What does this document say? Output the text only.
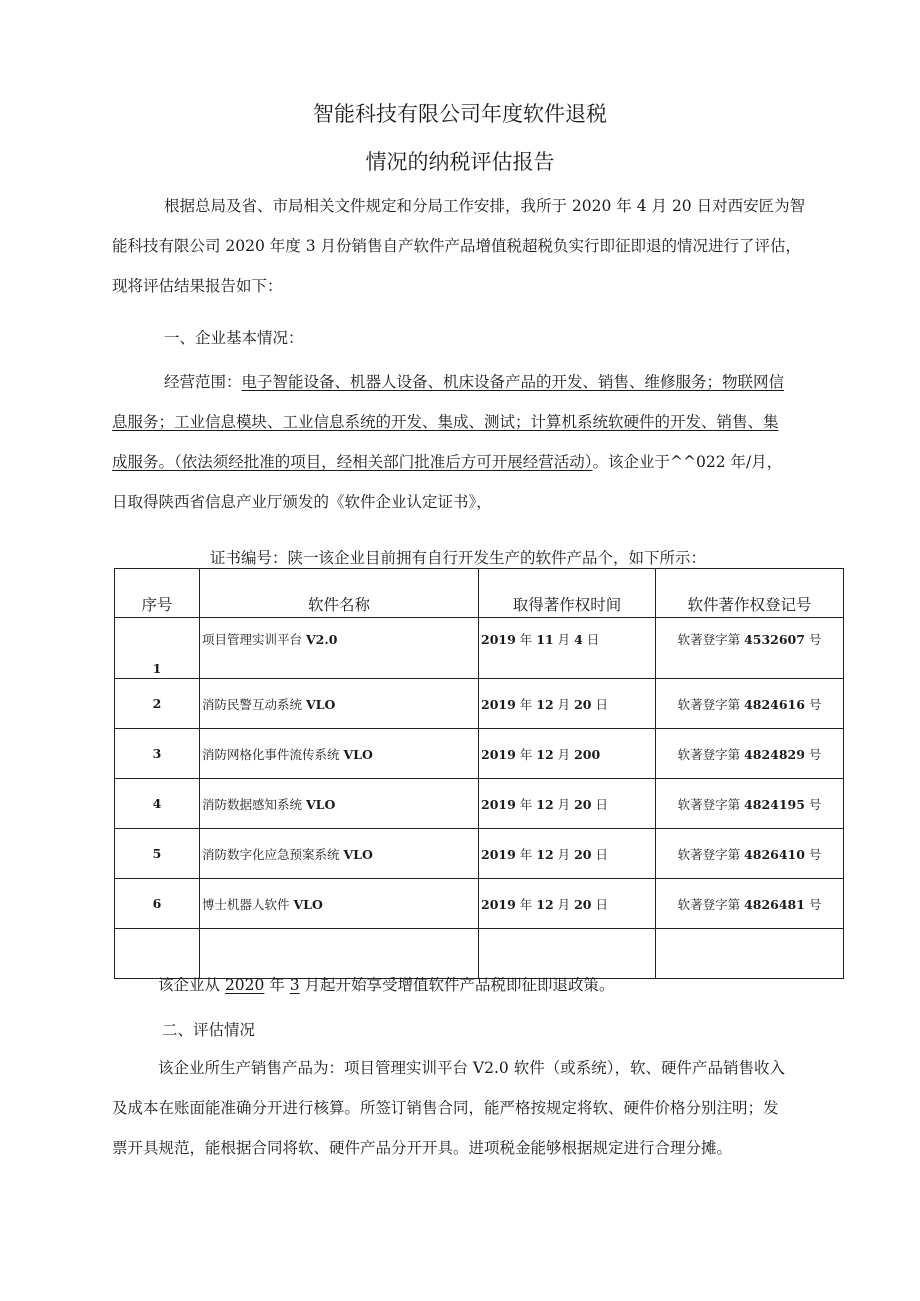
智能科技有限公司年度软件退税
情况的纳税评估报告
根据总局及省、市局相关文件规定和分局工作安排，我所于 2020 年 4 月 20 日对西安匠为智
能科技有限公司 2020 年度 3 月份销售自产软件产品增值税超税负实行即征即退的情况进行了评估，
现将评估结果报告如下：
一、企业基本情况：
经营范围：电子智能设备、机器人设备、机床设备产品的开发、销售、维修服务；物联网信
息服务；工业信息模块、工业信息系统的开发、集成、测试；计算机系统软硬件的开发、销售、集
成服务。（依法须经批准的项目，经相关部门批准后方可开展经营活动）。该企业于^^022 年/月，
日取得陕西省信息产业厅颁发的《软件企业认定证书》，
证书编号：陕一该企业目前拥有自行开发生产的软件产品个，如下所示：
序号	软件名称	取得著作权时间	软件著作权登记号
1	项目管理实训平台 V2.0	2019 年 11 月 4 日	软著登字第 4532607 号
2	消防民警互动系统 VLO	2019 年 12 月 20 日	软著登字第 4824616 号
3	消防网格化事件流传系统 VLO	2019 年 12 月 200	软著登字第 4824829 号
4	消防数据感知系统 VLO	2019 年 12 月 20 日	软著登字第 4824195 号
5	消防数字化应急预案系统 VLO	2019 年 12 月 20 日	软著登字第 4826410 号
6	博士机器人软件 VLO	2019 年 12 月 20 日	软著登字第 4826481 号

该企业从 2020 年 3 月起开始享受增值软件产品税即征即退政策。
二、评估情况
该企业所生产销售产品为：项目管理实训平台 V2.0 软件（或系统），软、硬件产品销售收入
及成本在账面能准确分开进行核算。所签订销售合同，能严格按规定将软、硬件价格分别注明；发
票开具规范，能根据合同将软、硬件产品分开开具。进项税金能够根据规定进行合理分摊。
